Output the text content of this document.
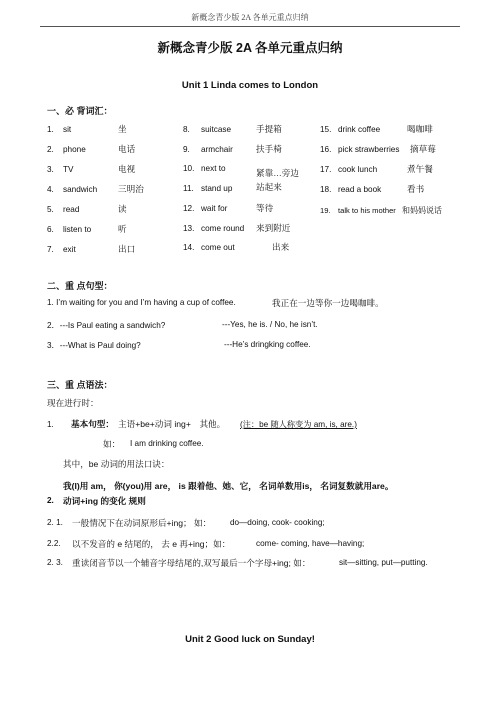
新概念青少版 2A 各单元重点归纳
新概念青少版 2A 各单元重点归纳
Unit 1 Linda comes to London
一、必 背词汇：
1. sit	坐
2. phone	电话
3. TV	电视
4. sandwich 三明治
5. read	读
6. listen to	听
7. exit	出口
8. suitcase	手提箱
9. armchair	扶手椅
10. next to	紧靠…旁边
11. stand up	站起来
12. wait for	等待
13. come round 来到附近
14. come out	出来
15. drink coffee	喝咖啡
16. pick strawberries 摘草莓
17. cook lunch	煮午餐
18. read a book	看书
19. talk to his mother 和妈妈说话
二、重 点句型：
1. I’m waiting for you and I’m having a cup of coffee.	我正在一边等你一边喝咖啡。
2．---Is Paul eating a sandwich?	---Yes, he is. / No, he isn’t.
3．---What is Paul doing?	---He’s dringking coffee.
三、重 点语法：
现在进行时：
1. 基本句型： 主语+be+动词 ing+　其他。 (注：be 随人称变为 am, is, are.)
如： I am drinking coffee.
其中，be 动词的用法口诀：
我(I)用 am， 你(you)用 are， is 跟着他、她、它， 名词单数用is， 名词复数就用are。
2. 动词+ing 的变化 规则
2. 1. 一般情况下在动词原形后+ing； 如： do—doing, cook- cooking;
2.2. 以不发音的 e 结尾的， 去 e 再+ing；如：	come- coming, have—having;
2. 3. 重读闭音节以一个辅音字母结尾的,双写最后一个字母+ing; 如：	sit—sitting, put—putting.
Unit 2 Good luck on Sunday!
